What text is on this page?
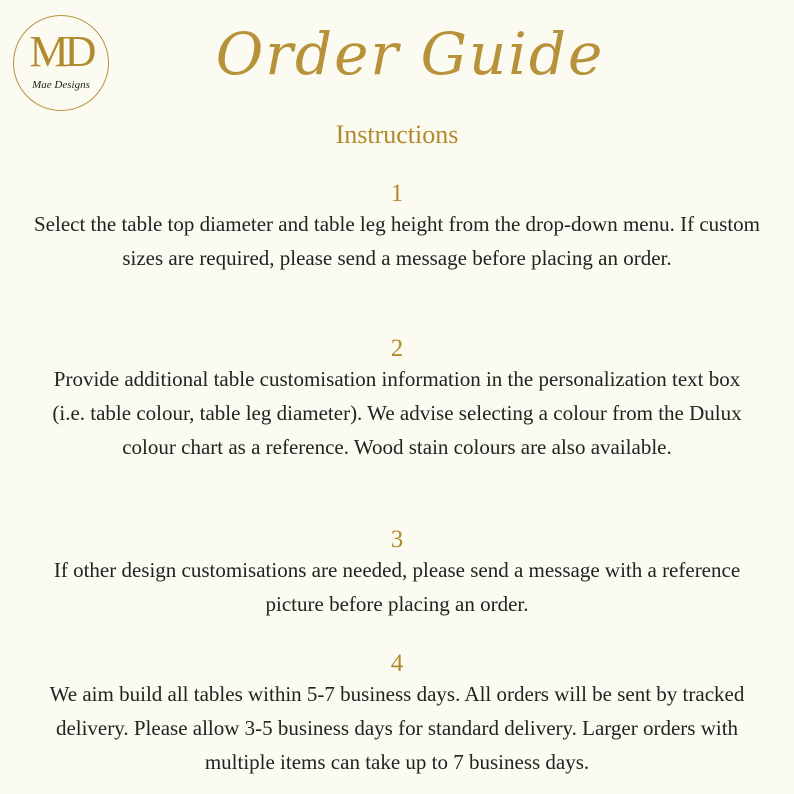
MD
Mae Designs	Order Guide
Instructions
1
Select the table top diameter and table leg height from the drop-down menu. If custom sizes are required, please send a message before placing an order.
2
Provide additional table customisation information in the personalization text box (i.e. table colour, table leg diameter). We advise selecting a colour from the Dulux colour chart as a reference. Wood stain colours are also available.
3
If other design customisations are needed, please send a message with a reference picture before placing an order.
4
We aim build all tables within 5-7 business days. All orders will be sent by tracked delivery. Please allow 3-5 business days for standard delivery. Larger orders with multiple items can take up to 7 business days.
